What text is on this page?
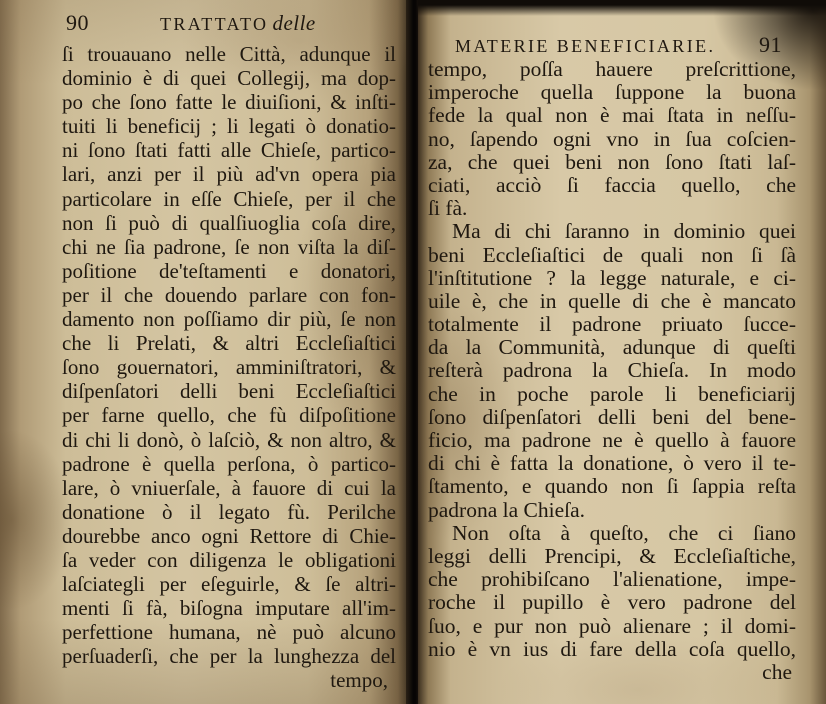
90	TRATTATO delle
ſi trouauano nelle Città, adunque il
dominio è di quei Collegij, ma dop-
po che ſono fatte le diuiſioni, & inſti-
tuiti li beneficij ; li legati ò donatio-
ni ſono ſtati fatti alle Chieſe, partico-
lari, anzi per il più ad'vn opera pia
particolare in eſſe Chieſe, per il che
non ſi può di qualſiuoglia coſa dire,
chi ne ſia padrone, ſe non viſta la diſ-
poſitione de'teſtamenti e donatori,
per il che douendo parlare con fon-
damento non poſſiamo dir più, ſe non
che li Prelati, & altri Eccleſiaſtici
ſono gouernatori, amminiſtratori, &
diſpenſatori delli beni Eccleſiaſtici
per farne quello, che fù diſpoſitione
di chi li donò, ò laſciò, & non altro, &
padrone è quella perſona, ò partico-
lare, ò vniuerſale, à fauore di cui la
donatione ò il legato fù. Perilche
dourebbe anco ogni Rettore di Chie-
ſa veder con diligenza le obligationi
laſciategli per eſeguirle, & ſe altri-
menti ſi fà, biſogna imputare all'im-
perfettione humana, nè può alcuno
perſuaderſi, che per la lunghezza del
tempo,
MATERIE BENEFICIARIE. 91
tempo, poſſa hauere preſcrittione,
imperoche quella ſuppone la buona
fede la qual non è mai ſtata in neſſu-
no, ſapendo ogni vno in ſua coſcien-
za, che quei beni non ſono ſtati laſ-
ciati, acciò ſi faccia quello, che
ſi fà.
Ma di chi ſaranno in dominio quei
beni Eccleſiaſtici de quali non ſi ſà
l'inſtitutione ? la legge naturale, e ci-
uile è, che in quelle di che è mancato
totalmente il padrone priuato ſucce-
da la Communità, adunque di queſti
reſterà padrona la Chieſa. In modo
che in poche parole li beneficiarij
ſono diſpenſatori delli beni del bene-
ficio, ma padrone ne è quello à fauore
di chi è fatta la donatione, ò vero il te-
ſtamento, e quando non ſi ſappia reſta
padrona la Chieſa.
Non oſta à queſto, che ci ſiano
leggi delli Prencipi, & Eccleſiaſtiche,
che prohibiſcano l'alienatione, impe-
roche il pupillo è vero padrone del
ſuo, e pur non può alienare ; il domi-
nio è vn ius di fare della coſa quello,
che
